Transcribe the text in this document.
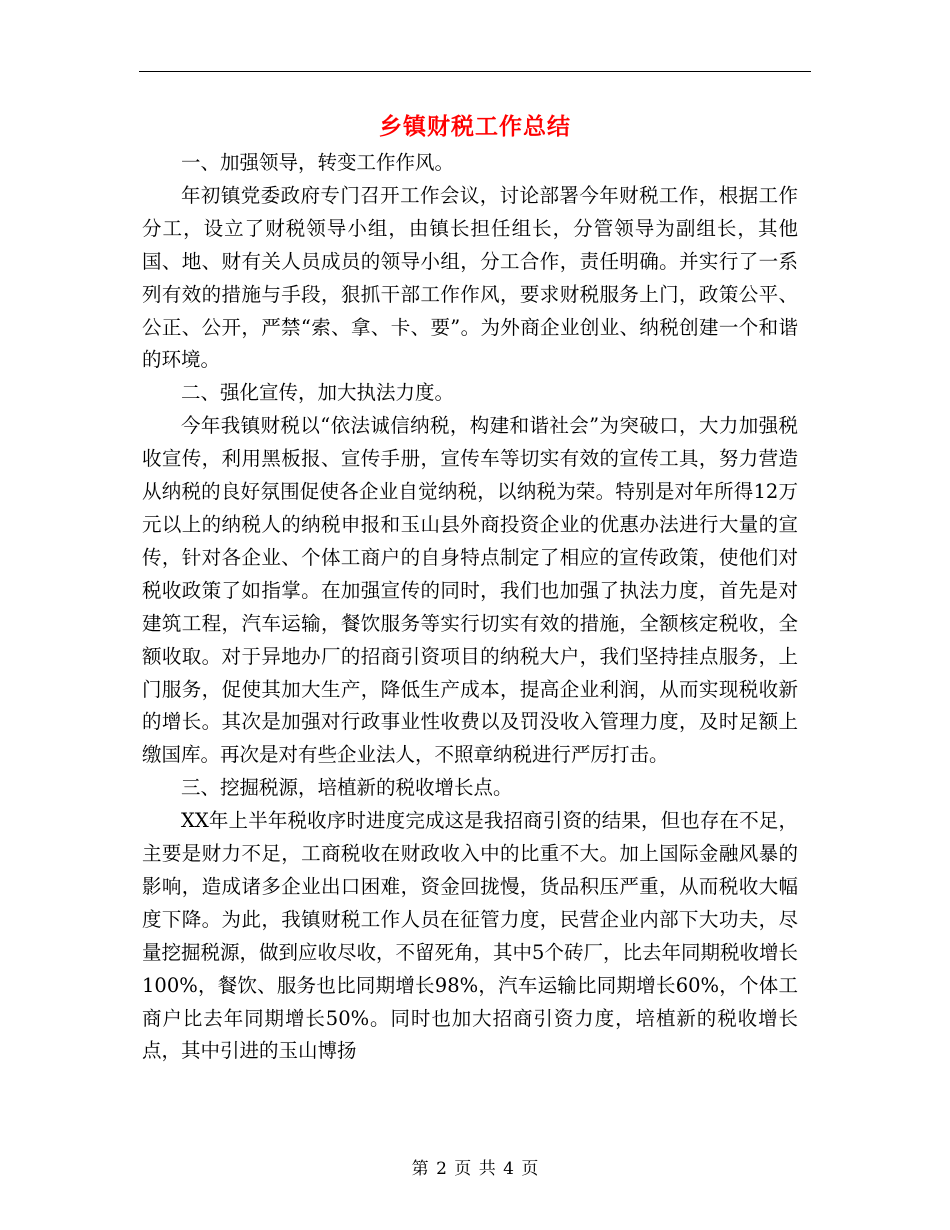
乡镇财税工作总结

一、加强领导，转变工作作风。

年初镇党委政府专门召开工作会议，讨论部署今年财税工作，根据工作分工，设立了财税领导小组，由镇长担任组长，分管领导为副组长，其他国、地、财有关人员成员的领导小组，分工合作，责任明确。并实行了一系列有效的措施与手段，狠抓干部工作作风，要求财税服务上门，政策公平、公正、公开，严禁“索、拿、卡、要”。为外商企业创业、纳税创建一个和谐的环境。

二、强化宣传，加大执法力度。

今年我镇财税以“依法诚信纳税，构建和谐社会”为突破口，大力加强税收宣传，利用黑板报、宣传手册，宣传车等切实有效的宣传工具，努力营造从纳税的良好氛围促使各企业自觉纳税，以纳税为荣。特别是对年所得12万元以上的纳税人的纳税申报和玉山县外商投资企业的优惠办法进行大量的宣传，针对各企业、个体工商户的自身特点制定了相应的宣传政策，使他们对税收政策了如指掌。在加强宣传的同时，我们也加强了执法力度，首先是对建筑工程，汽车运输，餐饮服务等实行切实有效的措施，全额核定税收，全额收取。对于异地办厂的招商引资项目的纳税大户，我们坚持挂点服务，上门服务，促使其加大生产，降低生产成本，提高企业利润，从而实现税收新的增长。其次是加强对行政事业性收费以及罚没收入管理力度，及时足额上缴国库。再次是对有些企业法人，不照章纳税进行严厉打击。

三、挖掘税源，培植新的税收增长点。

XX年上半年税收序时进度完成这是我招商引资的结果，但也存在不足，主要是财力不足，工商税收在财政收入中的比重不大。加上国际金融风暴的影响，造成诸多企业出口困难，资金回拢慢，货品积压严重，从而税收大幅度下降。为此，我镇财税工作人员在征管力度，民营企业内部下大功夫，尽量挖掘税源，做到应收尽收，不留死角，其中5个砖厂，比去年同期税收增长100%，餐饮、服务也比同期增长98%，汽车运输比同期增长60%，个体工商户比去年同期增长50%。同时也加大招商引资力度，培植新的税收增长点，其中引进的玉山博扬

第 2 页 共 4 页
